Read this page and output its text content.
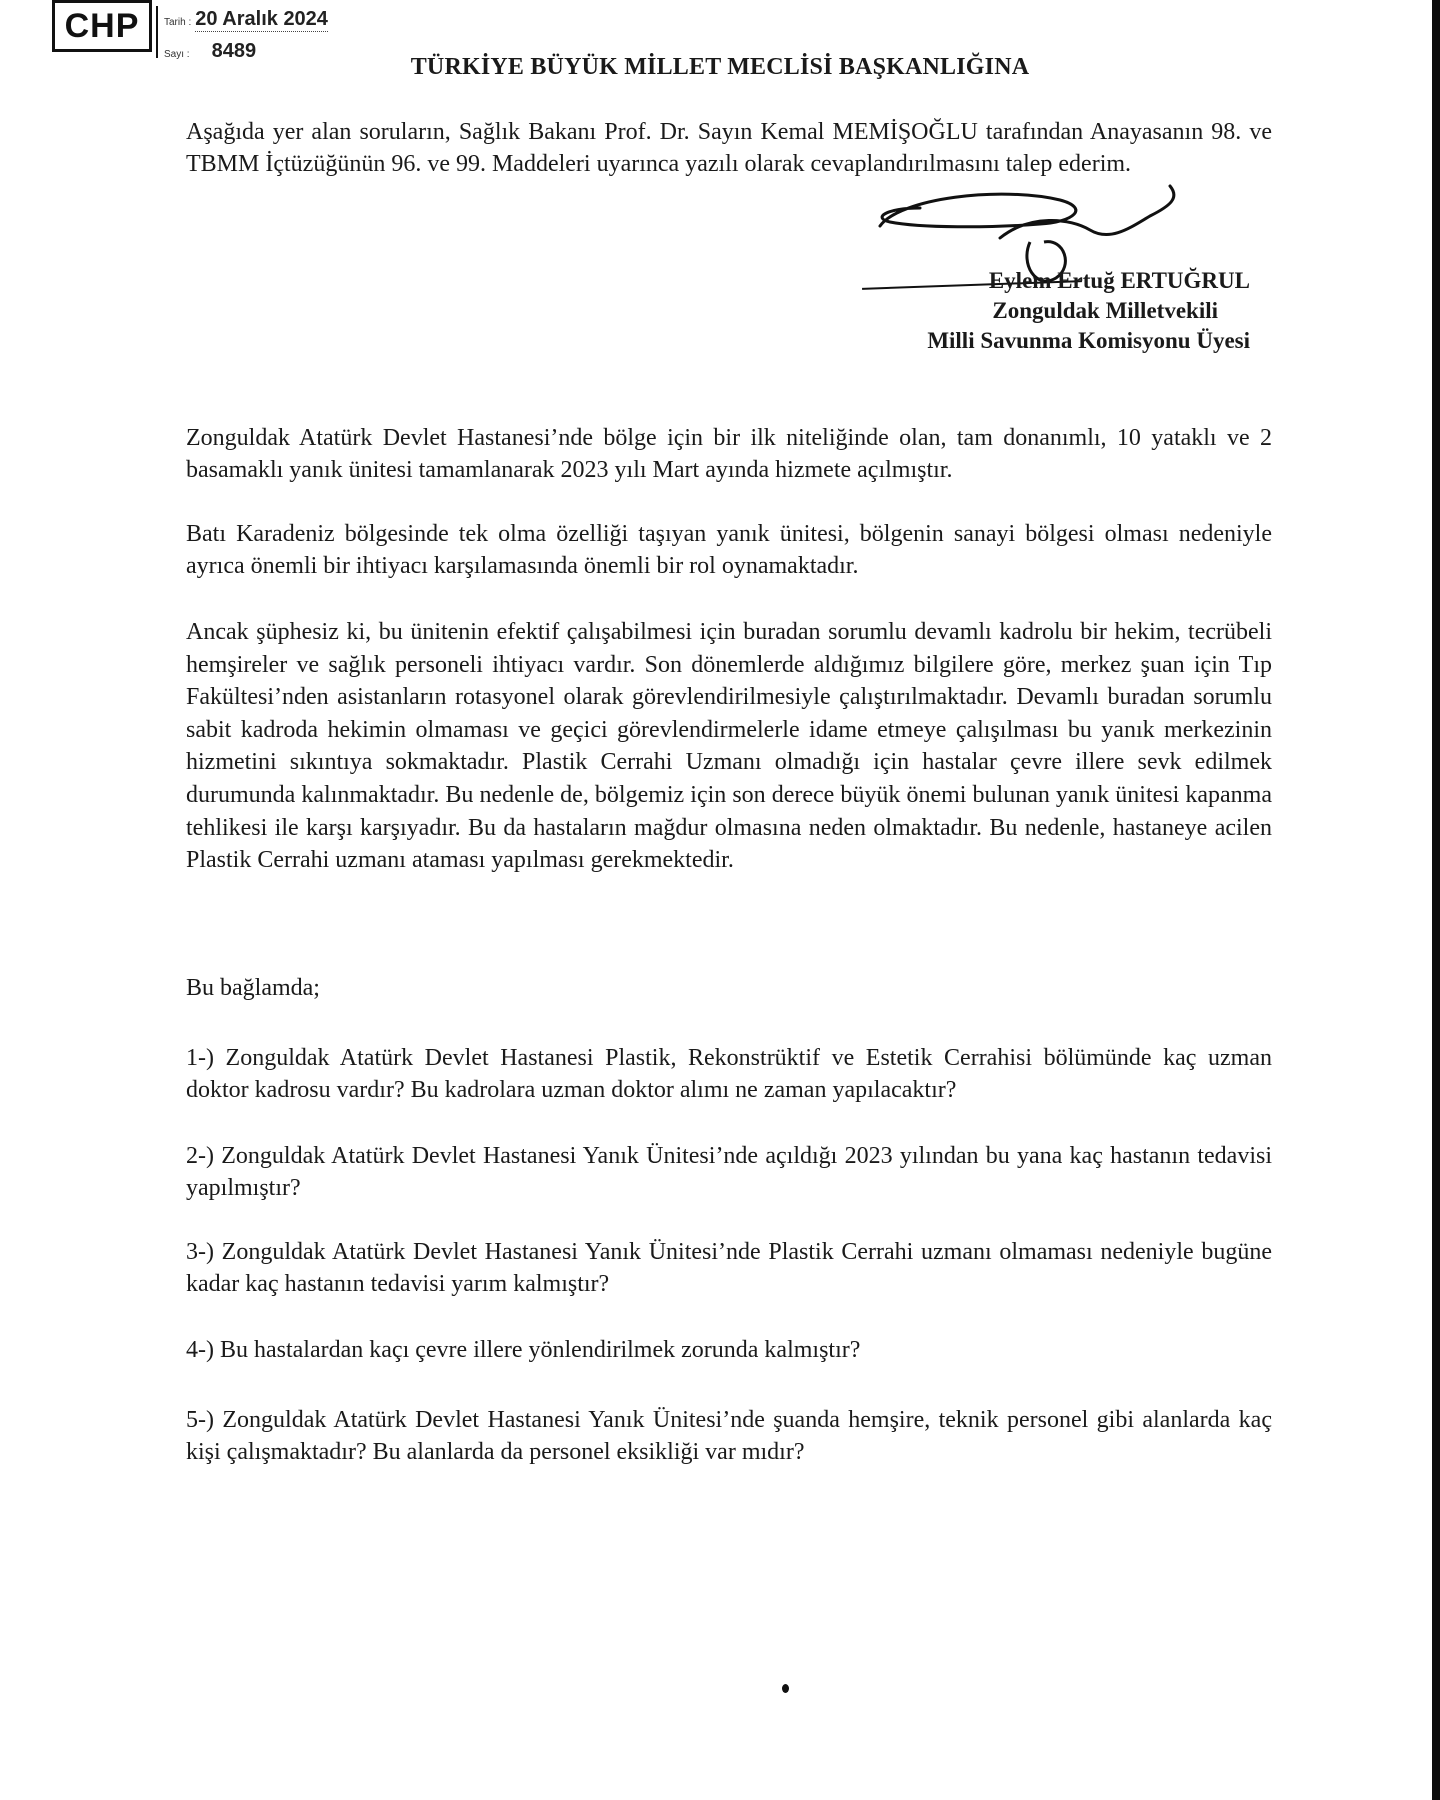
CHP Tarih : 20 Aralık 2024
Sayı : 8489
TÜRKİYE BÜYÜK MİLLET MECLİSİ BAŞKANLIĞINA
Aşağıda yer alan soruların, Sağlık Bakanı Prof. Dr. Sayın Kemal MEMİŞOĞLU tarafından Anayasanın 98. ve TBMM İçtüzüğünün 96. ve 99. Maddeleri uyarınca yazılı olarak cevaplandırılmasını talep ederim.
Eylem Ertuğ ERTUĞRUL
Zonguldak Milletvekili
Milli Savunma Komisyonu Üyesi
Zonguldak Atatürk Devlet Hastanesi’nde bölge için bir ilk niteliğinde olan, tam donanımlı, 10 yataklı ve 2 basamaklı yanık ünitesi tamamlanarak 2023 yılı Mart ayında hizmete açılmıştır.
Batı Karadeniz bölgesinde tek olma özelliği taşıyan yanık ünitesi, bölgenin sanayi bölgesi olması nedeniyle ayrıca önemli bir ihtiyacı karşılamasında önemli bir rol oynamaktadır.
Ancak şüphesiz ki, bu ünitenin efektif çalışabilmesi için buradan sorumlu devamlı kadrolu bir hekim, tecrübeli hemşireler ve sağlık personeli ihtiyacı vardır. Son dönemlerde aldığımız bilgilere göre, merkez şuan için Tıp Fakültesi’nden asistanların rotasyonel olarak görevlendirilmesiyle çalıştırılmaktadır. Devamlı buradan sorumlu sabit kadroda hekimin olmaması ve geçici görevlendirmelerle idame etmeye çalışılması bu yanık merkezinin hizmetini sıkıntıya sokmaktadır. Plastik Cerrahi Uzmanı olmadığı için hastalar çevre illere sevk edilmek durumunda kalınmaktadır. Bu nedenle de, bölgemiz için son derece büyük önemi bulunan yanık ünitesi kapanma tehlikesi ile karşı karşıyadır. Bu da hastaların mağdur olmasına neden olmaktadır. Bu nedenle, hastaneye acilen Plastik Cerrahi uzmanı ataması yapılması gerekmektedir.
Bu bağlamda;
1-) Zonguldak Atatürk Devlet Hastanesi Plastik, Rekonstrüktif ve Estetik Cerrahisi bölümünde kaç uzman doktor kadrosu vardır? Bu kadrolara uzman doktor alımı ne zaman yapılacaktır?
2-) Zonguldak Atatürk Devlet Hastanesi Yanık Ünitesi’nde açıldığı 2023 yılından bu yana kaç hastanın tedavisi yapılmıştır?
3-) Zonguldak Atatürk Devlet Hastanesi Yanık Ünitesi’nde Plastik Cerrahi uzmanı olmaması nedeniyle bugüne kadar kaç hastanın tedavisi yarım kalmıştır?
4-) Bu hastalardan kaçı çevre illere yönlendirilmek zorunda kalmıştır?
5-) Zonguldak Atatürk Devlet Hastanesi Yanık Ünitesi’nde şuanda hemşire, teknik personel gibi alanlarda kaç kişi çalışmaktadır? Bu alanlarda da personel eksikliği var mıdır?
